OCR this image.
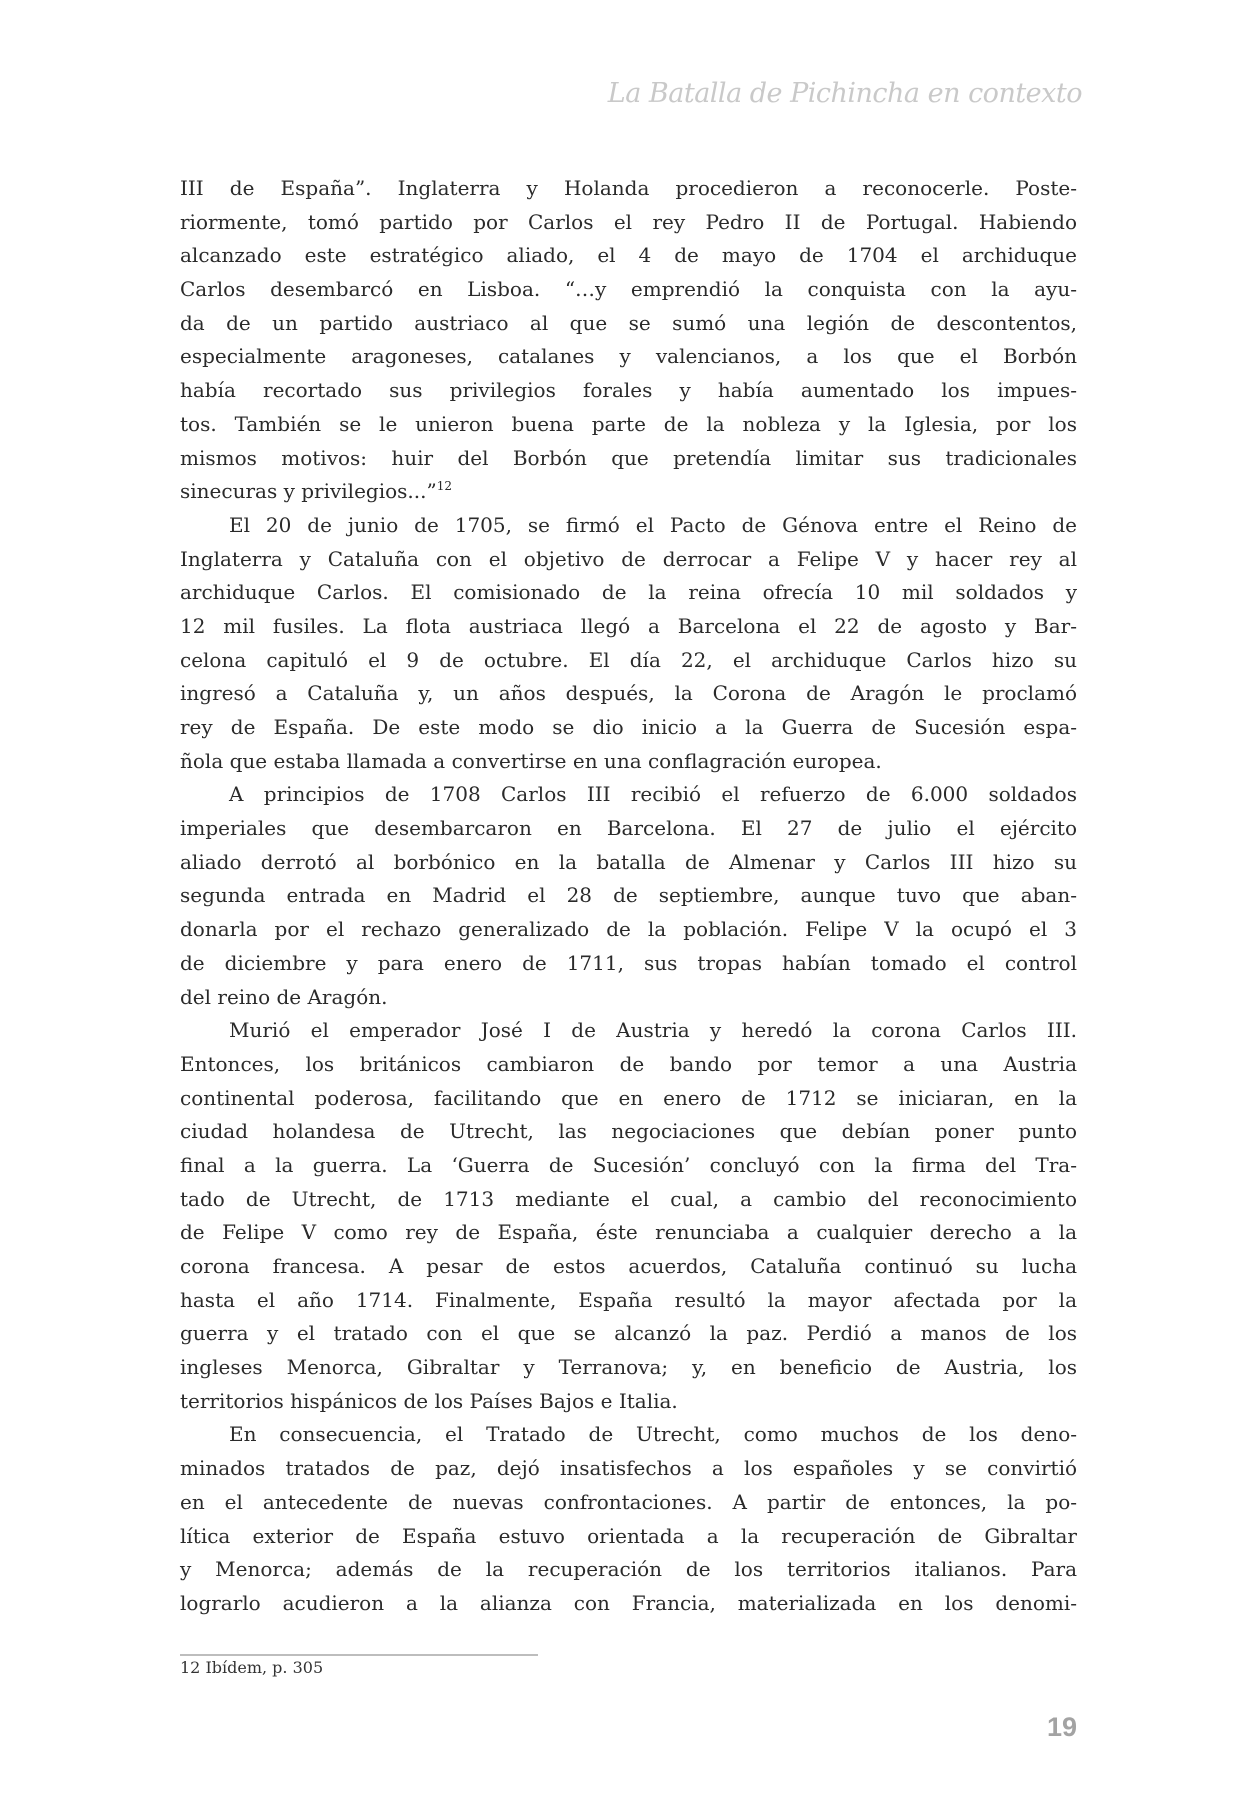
La Batalla de Pichincha en contexto
III de España”. Inglaterra y Holanda procedieron a reconocerle. Poste-
riormente, tomó partido por Carlos el rey Pedro II de Portugal. Habiendo
alcanzado este estratégico aliado, el 4 de mayo de 1704 el archiduque
Carlos desembarcó en Lisboa. “…y emprendió la conquista con la ayu-
da de un partido austriaco al que se sumó una legión de descontentos,
especialmente aragoneses, catalanes y valencianos, a los que el Borbón
había recortado sus privilegios forales y había aumentado los impues-
tos. También se le unieron buena parte de la nobleza y la Iglesia, por los
mismos motivos: huir del Borbón que pretendía limitar sus tradicionales
sinecuras y privilegios...”$^{12}$
El 20 de junio de 1705, se firmó el Pacto de Génova entre el Reino de
Inglaterra y Cataluña con el objetivo de derrocar a Felipe V y hacer rey al
archiduque Carlos. El comisionado de la reina ofrecía 10 mil soldados y
12 mil fusiles. La flota austriaca llegó a Barcelona el 22 de agosto y Bar-
celona capituló el 9 de octubre. El día 22, el archiduque Carlos hizo su
ingresó a Cataluña y, un años después, la Corona de Aragón le proclamó
rey de España. De este modo se dio inicio a la Guerra de Sucesión espa-
ñola que estaba llamada a convertirse en una conflagración europea.
A principios de 1708 Carlos III recibió el refuerzo de 6.000 soldados
imperiales que desembarcaron en Barcelona. El 27 de julio el ejército
aliado derrotó al borbónico en la batalla de Almenar y Carlos III hizo su
segunda entrada en Madrid el 28 de septiembre, aunque tuvo que aban-
donarla por el rechazo generalizado de la población. Felipe V la ocupó el 3
de diciembre y para enero de 1711, sus tropas habían tomado el control
del reino de Aragón.
Murió el emperador José I de Austria y heredó la corona Carlos III.
Entonces, los británicos cambiaron de bando por temor a una Austria
continental poderosa, facilitando que en enero de 1712 se iniciaran, en la
ciudad holandesa de Utrecht, las negociaciones que debían poner punto
final a la guerra. La ‘Guerra de Sucesión’ concluyó con la firma del Tra-
tado de Utrecht, de 1713 mediante el cual, a cambio del reconocimiento
de Felipe V como rey de España, éste renunciaba a cualquier derecho a la
corona francesa. A pesar de estos acuerdos, Cataluña continuó su lucha
hasta el año 1714. Finalmente, España resultó la mayor afectada por la
guerra y el tratado con el que se alcanzó la paz. Perdió a manos de los
ingleses Menorca, Gibraltar y Terranova; y, en beneficio de Austria, los
territorios hispánicos de los Países Bajos e Italia.
En consecuencia, el Tratado de Utrecht, como muchos de los deno-
minados tratados de paz, dejó insatisfechos a los españoles y se convirtió
en el antecedente de nuevas confrontaciones. A partir de entonces, la po-
lítica exterior de España estuvo orientada a la recuperación de Gibraltar
y Menorca; además de la recuperación de los territorios italianos. Para
lograrlo acudieron a la alianza con Francia, materializada en los denomi-
12 Ibídem, p. 305
19
